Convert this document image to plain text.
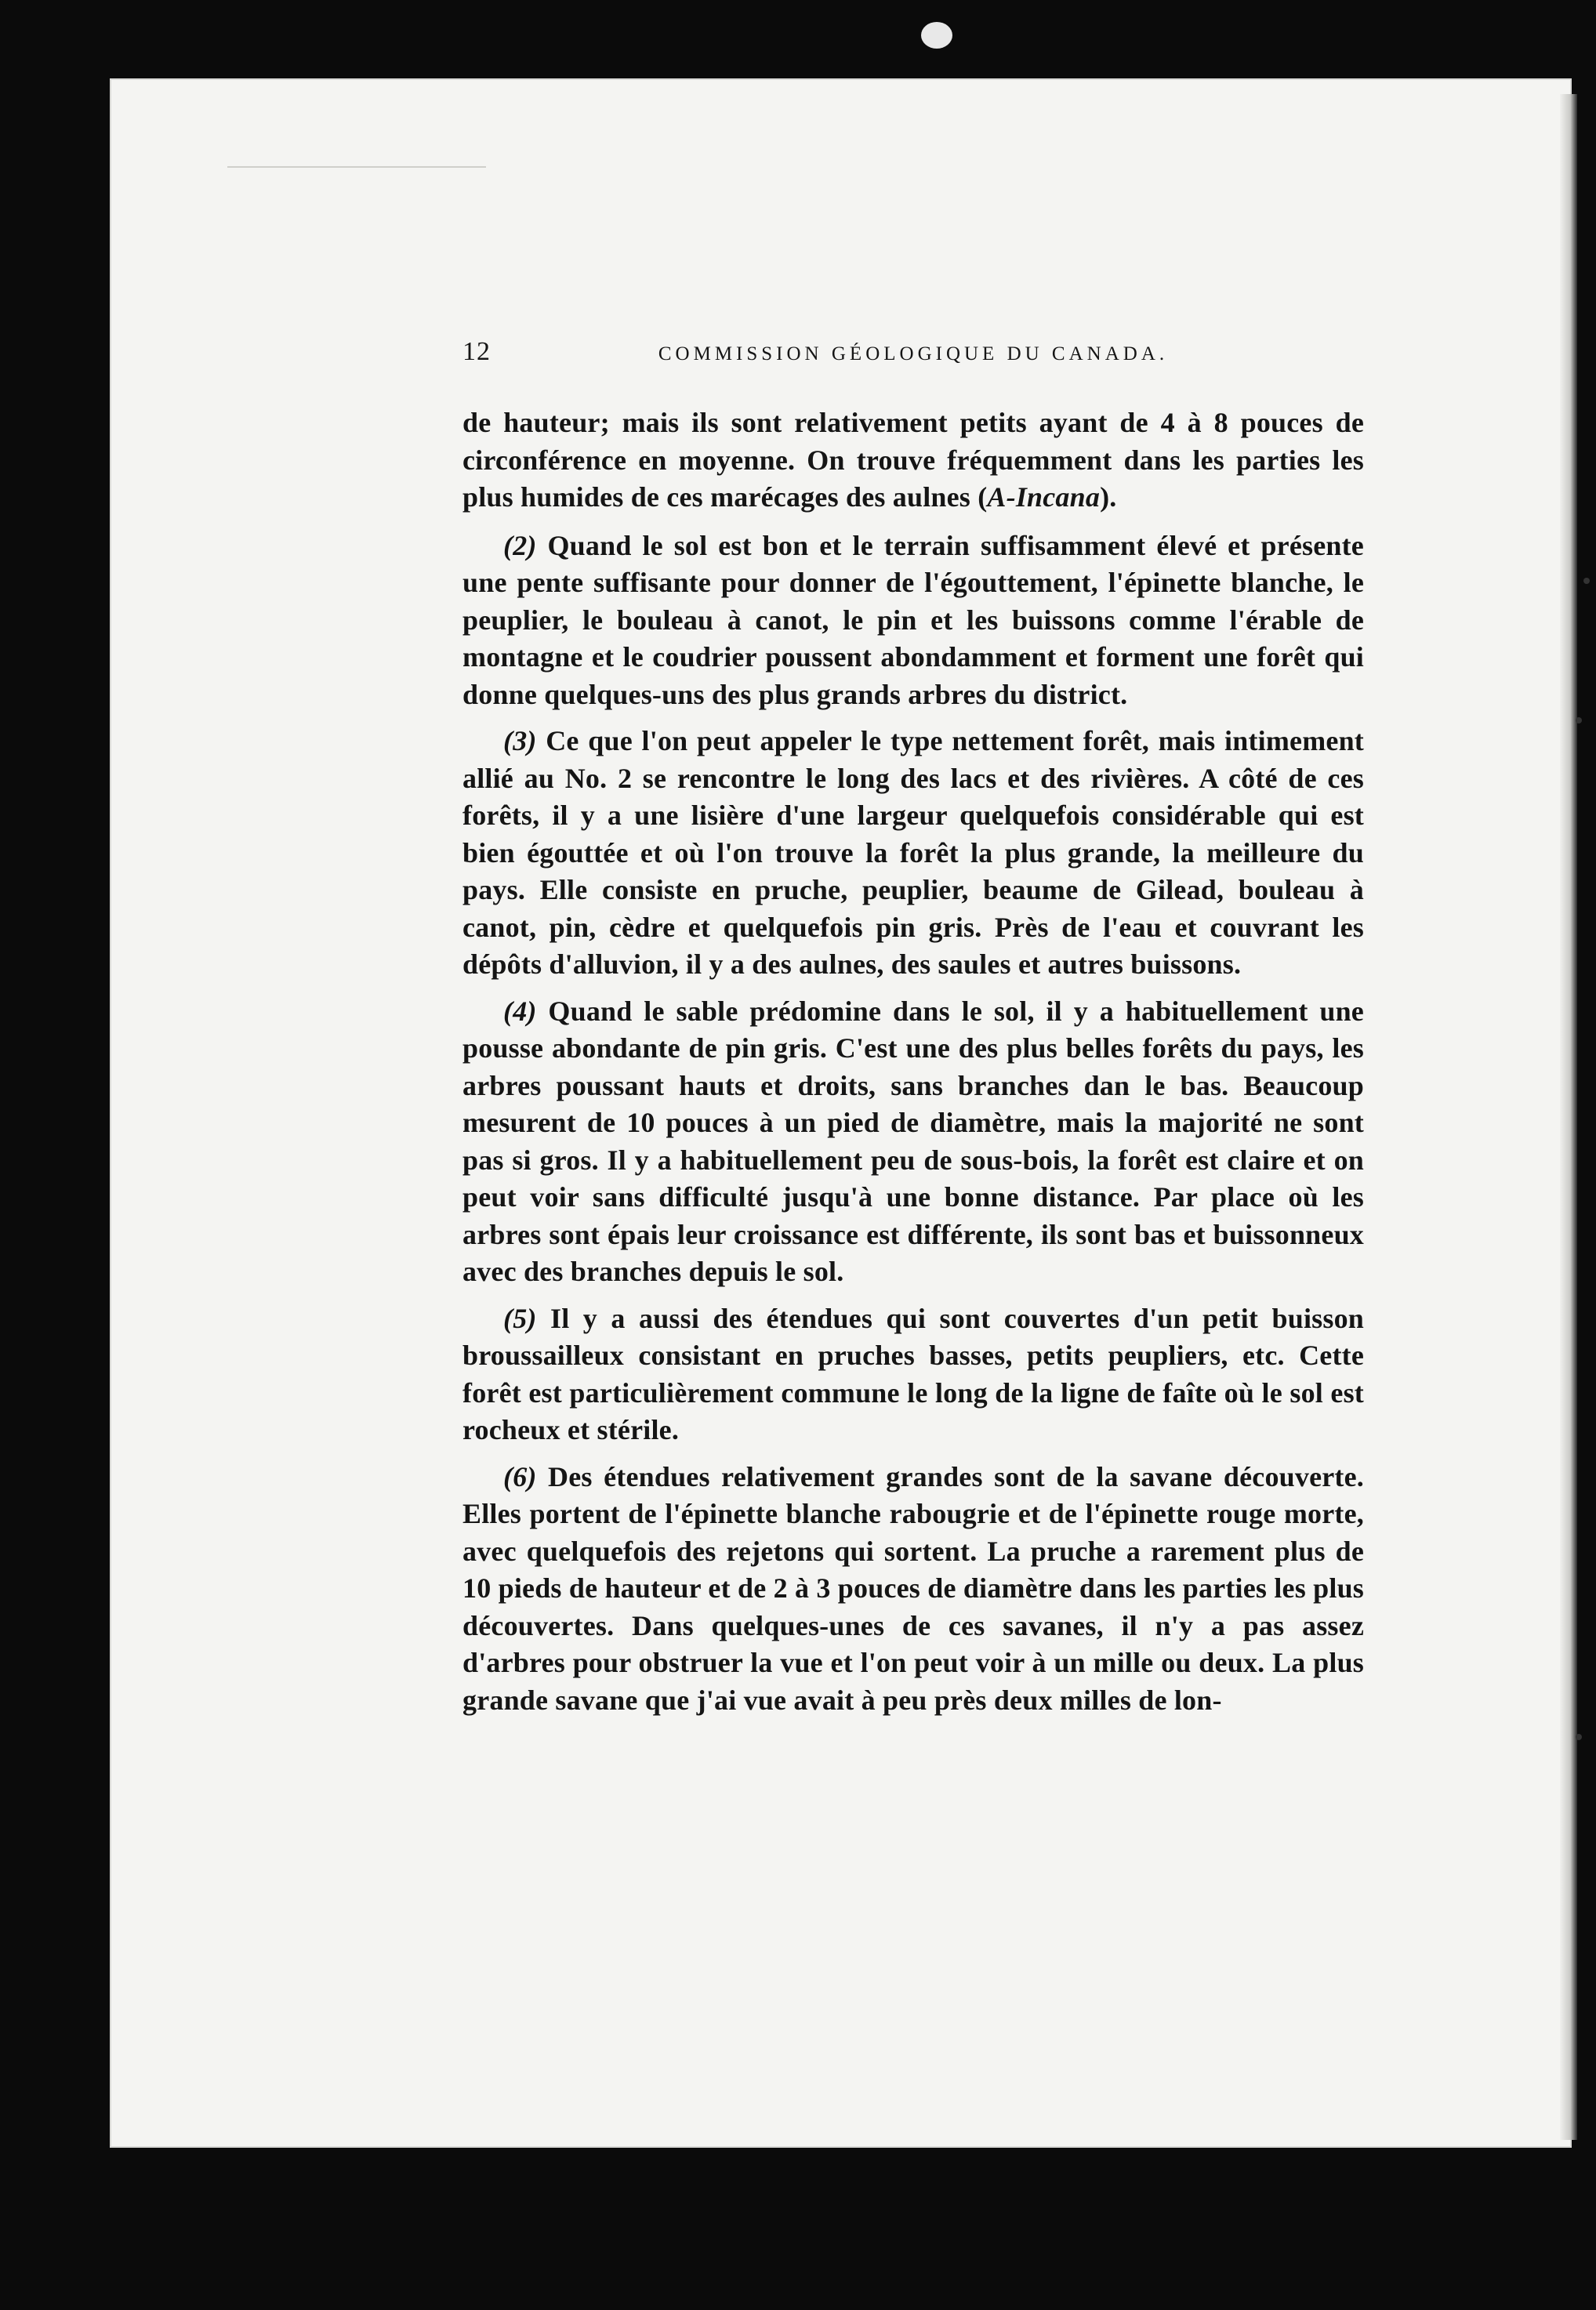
12	COMMISSION GÉOLOGIQUE DU CANADA.

de hauteur; mais ils sont relativement petits ayant de 4 à 8 pouces de circonférence en moyenne. On trouve fréquemment dans les parties les plus humides de ces marécages des aulnes (A-Incana).

(2) Quand le sol est bon et le terrain suffisamment élevé et présente une pente suffisante pour donner de l'égouttement, l'épinette blanche, le peuplier, le bouleau à canot, le pin et les buissons comme l'érable de montagne et le coudrier poussent abondamment et forment une forêt qui donne quelques-uns des plus grands arbres du district.

(3) Ce que l'on peut appeler le type nettement forêt, mais intimement allié au No. 2 se rencontre le long des lacs et des rivières. A côté de ces forêts, il y a une lisière d'une largeur quelquefois considérable qui est bien égouttée et où l'on trouve la forêt la plus grande, la meilleure du pays. Elle consiste en pruche, peuplier, beaume de Gilead, bouleau à canot, pin, cèdre et quelquefois pin gris. Près de l'eau et couvrant les dépôts d'alluvion, il y a des aulnes, des saules et autres buissons.

(4) Quand le sable prédomine dans le sol, il y a habituellement une pousse abondante de pin gris. C'est une des plus belles forêts du pays, les arbres poussant hauts et droits, sans branches dan le bas. Beaucoup mesurent de 10 pouces à un pied de diamètre, mais la majorité ne sont pas si gros. Il y a habituellement peu de sous-bois, la forêt est claire et on peut voir sans difficulté jusqu'à une bonne distance. Par place où les arbres sont épais leur croissance est différente, ils sont bas et buissonneux avec des branches depuis le sol.

(5) Il y a aussi des étendues qui sont couvertes d'un petit buisson broussailleux consistant en pruches basses, petits peupliers, etc. Cette forêt est particulièrement commune le long de la ligne de faîte où le sol est rocheux et stérile.

(6) Des étendues relativement grandes sont de la savane découverte. Elles portent de l'épinette blanche rabougrie et de l'épinette rouge morte, avec quelquefois des rejetons qui sortent. La pruche a rarement plus de 10 pieds de hauteur et de 2 à 3 pouces de diamètre dans les parties les plus découvertes. Dans quelques-unes de ces savanes, il n'y a pas assez d'arbres pour obstruer la vue et l'on peut voir à un mille ou deux. La plus grande savane que j'ai vue avait à peu près deux milles de lon-
